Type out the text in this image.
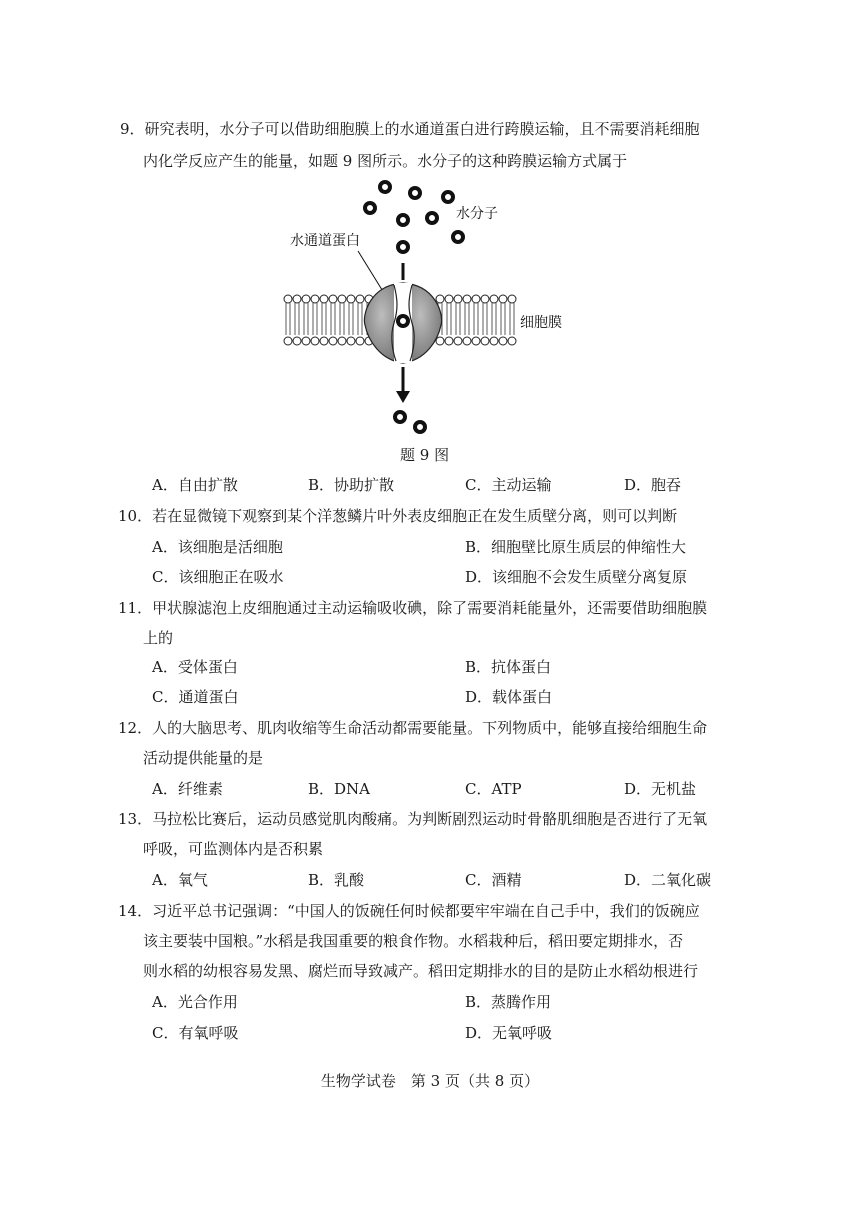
9．研究表明，水分子可以借助细胞膜上的水通道蛋白进行跨膜运输，且不需要消耗细胞
内化学反应产生的能量，如题 9 图所示。水分子的这种跨膜运输方式属于
水分子
水通道蛋白
细胞膜
题 9 图
A．自由扩散	B．协助扩散	C．主动运输	D．胞吞
10．若在显微镜下观察到某个洋葱鳞片叶外表皮细胞正在发生质壁分离，则可以判断
A．该细胞是活细胞	B．细胞壁比原生质层的伸缩性大
C．该细胞正在吸水	D．该细胞不会发生质壁分离复原
11．甲状腺滤泡上皮细胞通过主动运输吸收碘，除了需要消耗能量外，还需要借助细胞膜
上的
A．受体蛋白	B．抗体蛋白
C．通道蛋白	D．载体蛋白
12．人的大脑思考、肌肉收缩等生命活动都需要能量。下列物质中，能够直接给细胞生命
活动提供能量的是
A．纤维素	B．DNA	C．ATP	D．无机盐
13．马拉松比赛后，运动员感觉肌肉酸痛。为判断剧烈运动时骨骼肌细胞是否进行了无氧
呼吸，可监测体内是否积累
A．氧气	B．乳酸	C．酒精	D．二氧化碳
14．习近平总书记强调：“中国人的饭碗任何时候都要牢牢端在自己手中，我们的饭碗应
该主要装中国粮。”水稻是我国重要的粮食作物。水稻栽种后，稻田要定期排水，否
则水稻的幼根容易发黑、腐烂而导致减产。稻田定期排水的目的是防止水稻幼根进行
A．光合作用	B．蒸腾作用
C．有氧呼吸	D．无氧呼吸
生物学试卷　第 3 页（共 8 页）
